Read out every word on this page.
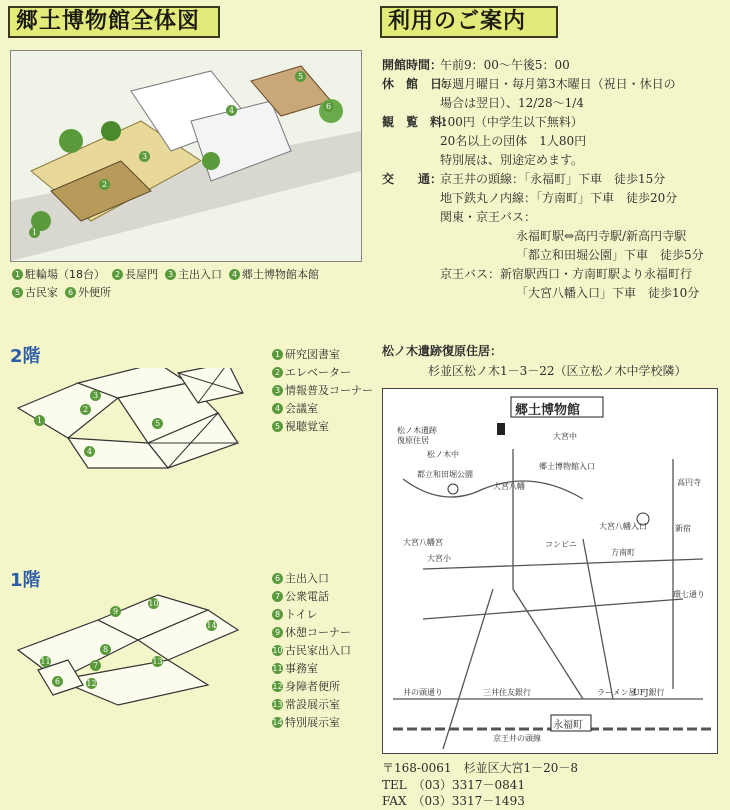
郷土博物館全体図
1
2
3
4
5
6
1 駐輪場（18台） 2 長屋門 3 主出入口 4 郷土博物館本館
5 古民家 6 外便所
2階
1
2
3
4
5
1 研究図書室
2 エレベーター
3 情報普及コーナー
4 会議室
5 視聴覚室
1階
6
7
8
9
10
11
12
13
14
6 主出入口
7 公衆電話
8 トイレ
9 休憩コーナー
10 古民家出入口
11 事務室
12 身障者便所
13 常設展示室
14 特別展示室
利用のご案内
開館時間：午前9：00～午後5：00
休　館　日：毎週月曜日・毎月第3木曜日（祝日・休日の
場合は翌日）、12/28～1/4
観　覧　料：100円（中学生以下無料）
20名以上の団体　1人80円
特別展は、別途定めます。
交　　通：京王井の頭線：「永福町」下車　徒歩15分
地下鉄丸ノ内線：「方南町」下車　徒歩20分
関東・京王バス：
永福町駅⇔高円寺駅/新高円寺駅
「都立和田堀公園」下車　徒歩5分
京王バス：新宿駅西口・方南町駅より永福町行
「大宮八幡入口」下車　徒歩10分
松ノ木遺跡復原住居：
杉並区松ノ木1－3－22（区立松ノ木中学校隣）
郷土博物館
永福町
松ノ木遺跡
復原住居
松ノ木中
大宮中
郷土博物館入口
都立和田堀公園
大宮八幡
大宮八幡宮
大宮八幡入口
大宮小
方南町
環七通り
京王井の頭線
井の頭通り
コンビニ
三井住友銀行	ラーメン屋
UFJ銀行
高円寺
新宿
〒168-0061　杉並区大宮1－20－8
TEL　（03）3317－0841
FAX　（03）3317－1493
